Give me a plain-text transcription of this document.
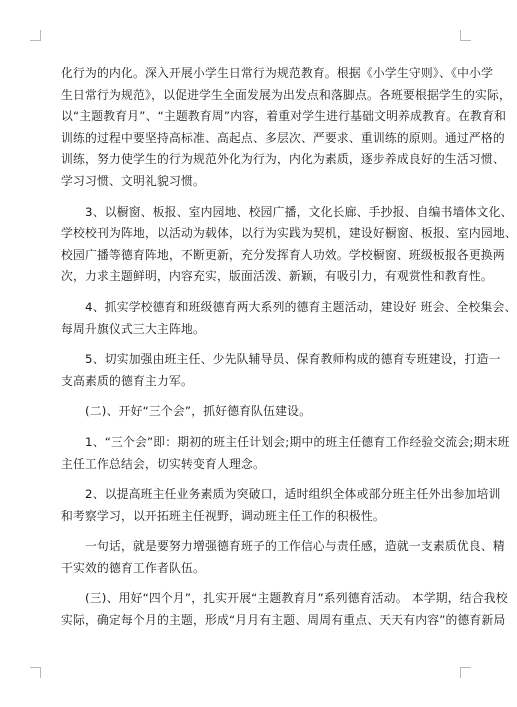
化行为的内化。深入开展小学生日常行为规范教育。根据《小学生守则》、《中小学
生日常行为规范》，以促进学生全面发展为出发点和落脚点。各班要根据学生的实际，
以“主题教育月”、“主题教育周”内容，着重对学生进行基础文明养成教育。在教育和
训练的过程中要坚持高标准、高起点、多层次、严要求、重训练的原则。通过严格的
训练，努力使学生的行为规范外化为行为，内化为素质，逐步养成良好的生活习惯、
学习习惯、文明礼貌习惯。
　　3、以橱窗、板报、室内园地、校园广播，文化长廊、手抄报、自编书墙体文化、
学校校刊为阵地，以活动为载体，以行为实践为契机，建设好橱窗、板报、室内园地、
校园广播等德育阵地，不断更新，充分发挥育人功效。学校橱窗、班级板报各更换两
次，力求主题鲜明，内容充实，版面活泼、新颖，有吸引力，有观赏性和教育性。
　　4、抓实学校德育和班级德育两大系列的德育主题活动，建设好 班会、全校集会、
每周升旗仪式三大主阵地。
　　5、切实加强由班主任、少先队辅导员、保育教师构成的德育专班建设，打造一
支高素质的德育主力军。
　　(二)、开好“三个会”，抓好德育队伍建设。
　　1、“三个会”即：期初的班主任计划会;期中的班主任德育工作经验交流会;期末班
主任工作总结会，切实转变育人理念。
　　2、以提高班主任业务素质为突破口，适时组织全体或部分班主任外出参加培训
和考察学习，以开拓班主任视野，调动班主任工作的积极性。
　　一句话，就是要努力增强德育班子的工作信心与责任感，造就一支素质优良、精
干实效的德育工作者队伍。
　　(三)、用好“四个月”，扎实开展“主题教育月”系列德育活动。 本学期，结合我校
实际，确定每个月的主题，形成“月月有主题、周周有重点、天天有内容”的德育新局
